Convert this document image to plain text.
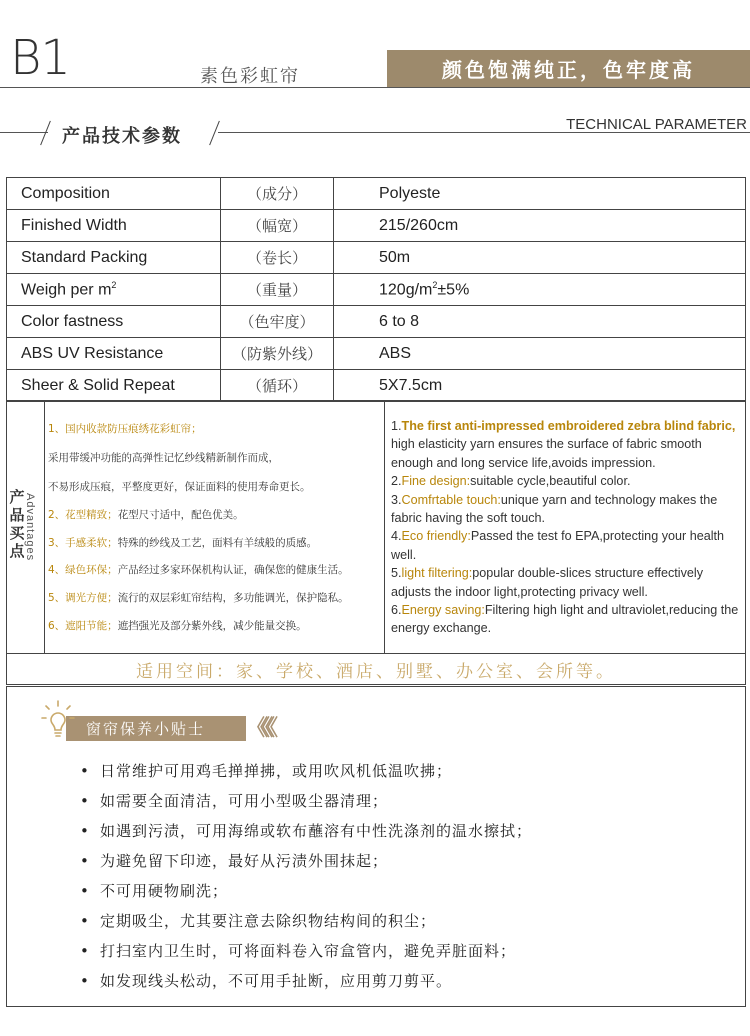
B1	素色彩虹帘	颜色饱满纯正，色牢度高
产品技术参数
TECHNICAL PARAMETER
Composition	（成分）	Polyeste
Finished Width	（幅宽）	215/260cm
Standard Packing	（卷长）	50m
Weigh per $m^2$	（重量）	$120g/m^2\pm 5\%$
Color fastness	（色牢度）	6 to 8
ABS UV Resistance	（防紫外线）	ABS
Sheer & Solid Repeat	（循环）	5X7.5cm
产
品
买
点 Advantages
1、国内收款防压痕绣花彩虹帘；
采用带缓冲功能的高弹性记忆纱线精新制作而成，
不易形成压痕，平整度更好，保证面料的使用寿命更长。
2、花型精致；花型尺寸适中，配色优美。
3、手感柔软；特殊的纱线及工艺，面料有羊绒般的质感。
4、绿色环保；产品经过多家环保机构认证，确保您的健康生活。
5、调光方便；流行的双层彩虹帘结构，多功能调光，保护隐私。
6、遮阳节能；遮挡强光及部分紫外线，减少能量交换。
1.The first anti-impressed embroidered zebra blind fabric, high elasticity yarn ensures the surface of fabric smooth enough and long service life,avoids impression.
2.Fine design:suitable cycle,beautiful color.
3.Comfrtable touch:unique yarn and technology makes the fabric having the soft touch.
4.Eco friendly:Passed the test fo EPA,protecting your health well.
5.light filtering:popular double-slices structure effectively adjusts the indoor light,protecting privacy well.
6.Energy saving:Filtering high light and ultraviolet,reducing the energy exchange.
适用空间：家、学校、酒店、别墅、办公室、会所等。
窗帘保养小贴士	《《《
• 日常维护可用鸡毛掸掸拂，或用吹风机低温吹拂；
• 如需要全面清洁，可用小型吸尘器清理；
• 如遇到污渍，可用海绵或软布蘸溶有中性洗涤剂的温水擦拭；
• 为避免留下印迹，最好从污渍外围抹起；
• 不可用硬物刷洗；
• 定期吸尘，尤其要注意去除织物结构间的积尘；
• 打扫室内卫生时，可将面料卷入帘盒管内，避免弄脏面料；
• 如发现线头松动，不可用手扯断，应用剪刀剪平。
